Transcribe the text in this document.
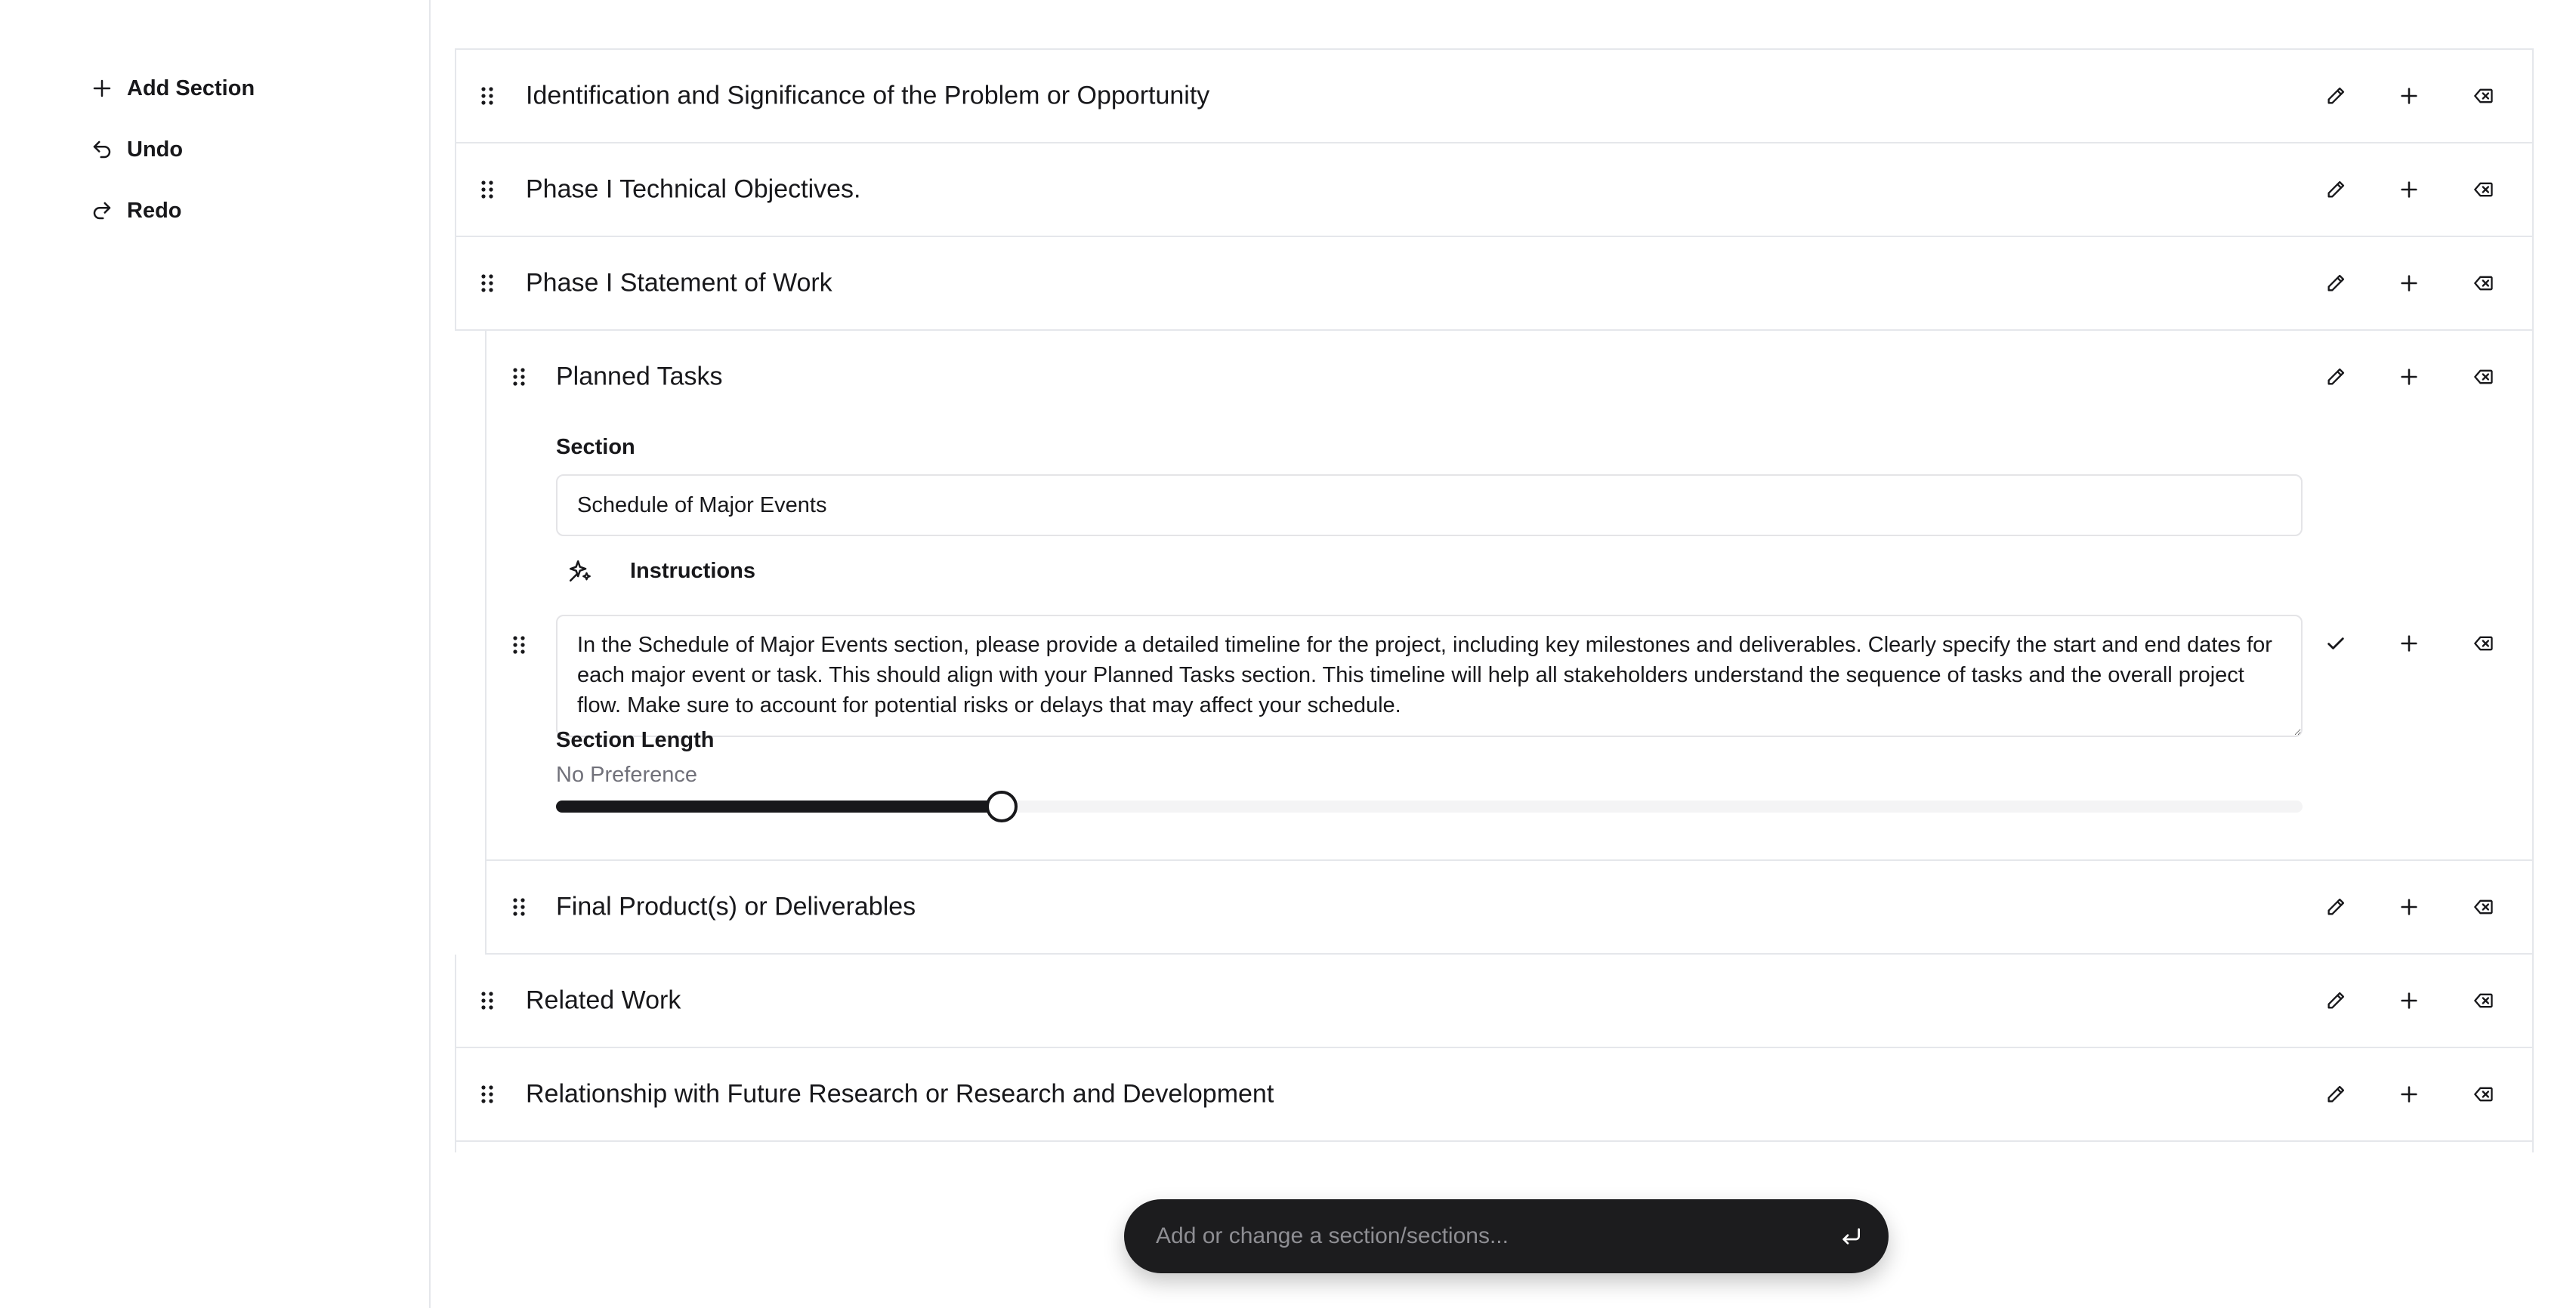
Add Section
Undo
Redo
Identification and Significance of the Problem or Opportunity
Phase I Technical Objectives.
Phase I Statement of Work
Planned Tasks
Section
Schedule of Major Events
Instructions
In the Schedule of Major Events section, please provide a detailed timeline for the project, including key milestones and deliverables. Clearly specify the start and end dates for each major event or task. This should align with your Planned Tasks section. This timeline will help all stakeholders understand the sequence of tasks and the overall project flow. Make sure to account for potential risks or delays that may affect your schedule.
Section Length
No Preference
Final Product(s) or Deliverables
Related Work
Relationship with Future Research or Research and Development
Add or change a section/sections...
